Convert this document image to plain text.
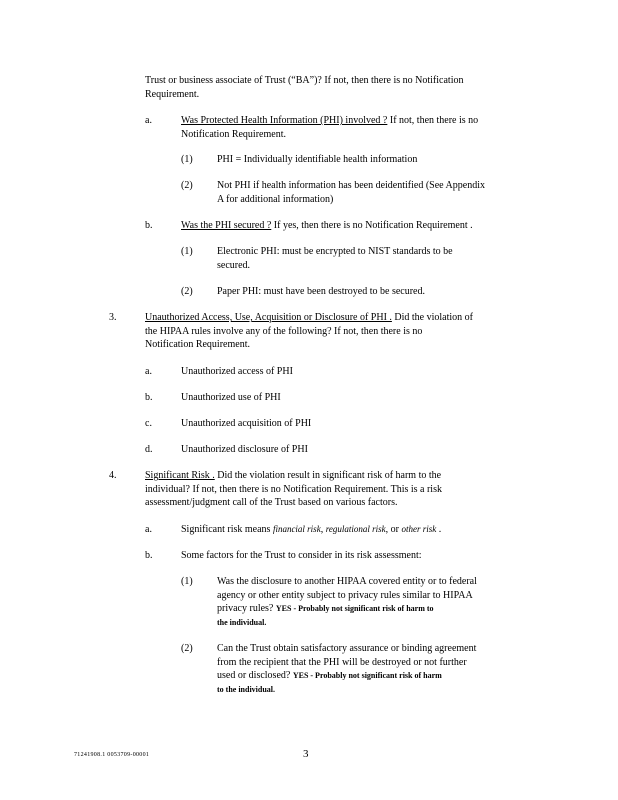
Trust or business associate of Trust (“BA”)? If not, then there is no Notification
Requirement.
a.	Was Protected Health Information (PHI) involved ? If not, then there is no
Notification Requirement.
(1) PHI = Individually identifiable health information
(2) Not PHI if health information has been deidentified (See Appendix
A for additional information)
b.	Was the PHI secured ? If yes, then there is no Notification Requirement .
(1) Electronic PHI: must be encrypted to NIST standards to be
secured.
(2) Paper PHI: must have been destroyed to be secured.
3.	Unauthorized Access, Use, Acquisition or Disclosure of PHI . Did the violation of
the HIPAA rules involve any of the following? If not, then there is no
Notification Requirement.
a.	Unauthorized access of PHI
b.	Unauthorized use of PHI
c.	Unauthorized acquisition of PHI
d.	Unauthorized disclosure of PHI
4.	Significant Risk . Did the violation result in significant risk of harm to the
individual? If not, then there is no Notification Requirement. This is a risk
assessment/judgment call of the Trust based on various factors.
a.	Significant risk means financial risk, regulational risk, or other risk .
b.	Some factors for the Trust to consider in its risk assessment:
(1) Was the disclosure to another HIPAA covered entity or to federal
agency or other entity subject to privacy rules similar to HIPAA
privacy rules? YES - Probably not significant risk of harm to
the individual.
(2) Can the Trust obtain satisfactory assurance or binding agreement
from the recipient that the PHI will be destroyed or not further
used or disclosed? YES - Probably not significant risk of harm
to the individual.
71241908.1 0053709-00001	3
